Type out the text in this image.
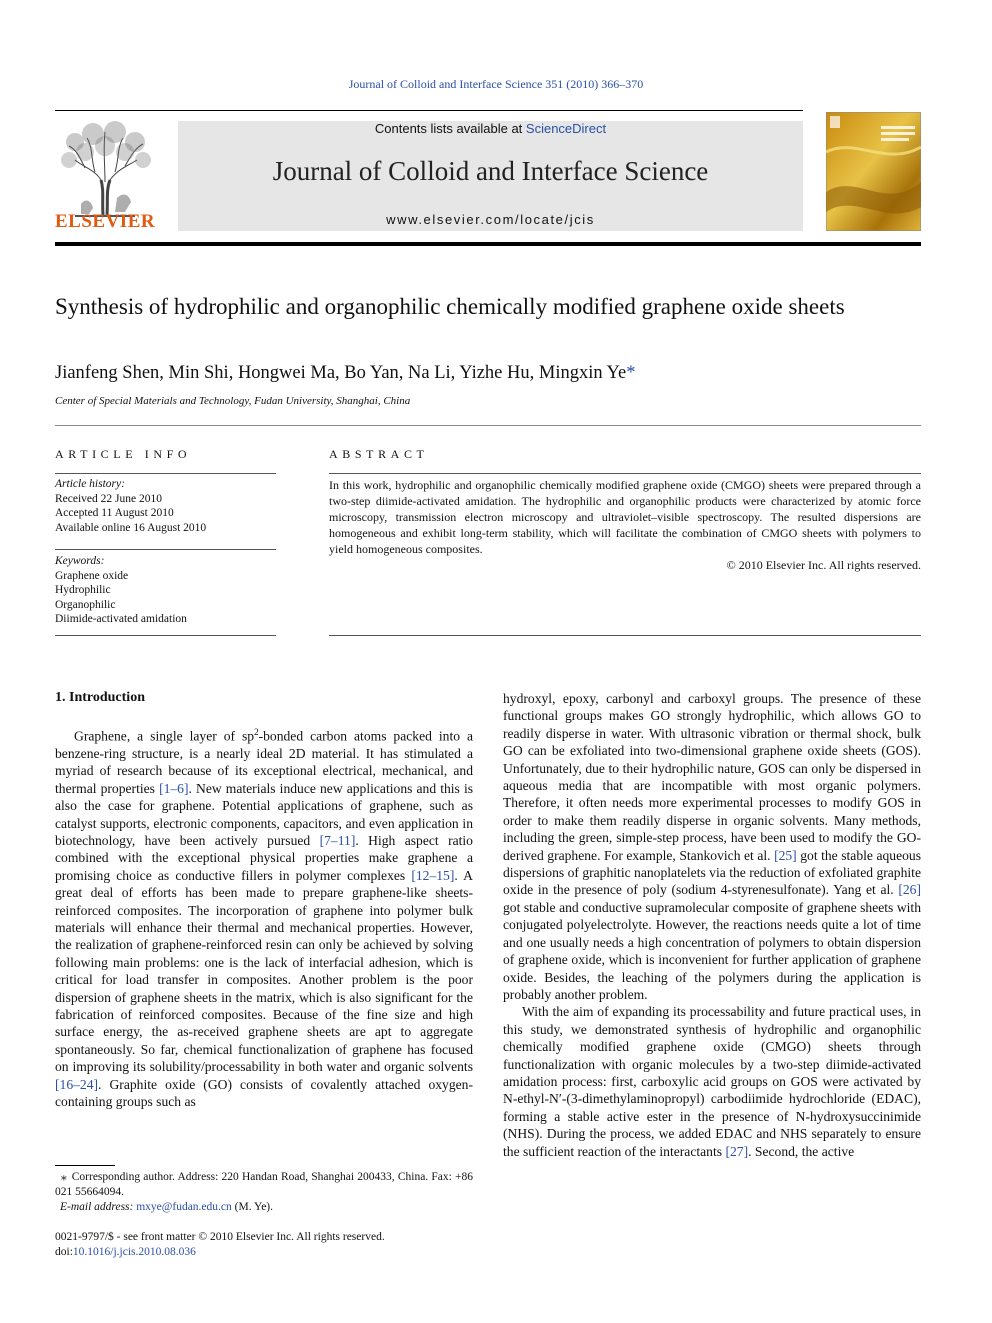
Journal of Colloid and Interface Science 351 (2010) 366–370
Contents lists available at ScienceDirect
Journal of Colloid and Interface Science
www.elsevier.com/locate/jcis
ELSEVIER
Synthesis of hydrophilic and organophilic chemically modified graphene oxide sheets
Jianfeng Shen, Min Shi, Hongwei Ma, Bo Yan, Na Li, Yizhe Hu, Mingxin Ye*
Center of Special Materials and Technology, Fudan University, Shanghai, China
ARTICLE INFO
Article history:
Received 22 June 2010
Accepted 11 August 2010
Available online 16 August 2010
Keywords:
Graphene oxide
Hydrophilic
Organophilic
Diimide-activated amidation
ABSTRACT
In this work, hydrophilic and organophilic chemically modified graphene oxide (CMGO) sheets were prepared through a two-step diimide-activated amidation. The hydrophilic and organophilic products were characterized by atomic force microscopy, transmission electron microscopy and ultraviolet–visible spectroscopy. The resulted dispersions are homogeneous and exhibit long-term stability, which will facilitate the combination of CMGO sheets with polymers to yield homogeneous composites.
© 2010 Elsevier Inc. All rights reserved.
1. Introduction

Graphene, a single layer of $sp^2$-bonded carbon atoms packed into a benzene-ring structure, is a nearly ideal 2D material. It has stimulated a myriad of research because of its exceptional electrical, mechanical, and thermal properties [1–6]. New materials induce new applications and this is also the case for graphene. Potential applications of graphene, such as catalyst supports, electronic components, capacitors, and even application in biotechnology, have been actively pursued [7–11]. High aspect ratio combined with the exceptional physical properties make graphene a promising choice as conductive fillers in polymer complexes [12–15]. A great deal of efforts has been made to prepare graphene-like sheets-reinforced composites. The incorporation of graphene into polymer bulk materials will enhance their thermal and mechanical properties. However, the realization of graphene-reinforced resin can only be achieved by solving following main problems: one is the lack of interfacial adhesion, which is critical for load transfer in composites. Another problem is the poor dispersion of graphene sheets in the matrix, which is also significant for the fabrication of reinforced composites. Because of the fine size and high surface energy, the as-received graphene sheets are apt to aggregate spontaneously. So far, chemical functionalization of graphene has focused on improving its solubility/processability in both water and organic solvents [16–24]. Graphite oxide (GO) consists of covalently attached oxygen-containing groups such as

hydroxyl, epoxy, carbonyl and carboxyl groups. The presence of these functional groups makes GO strongly hydrophilic, which allows GO to readily disperse in water. With ultrasonic vibration or thermal shock, bulk GO can be exfoliated into two-dimensional graphene oxide sheets (GOS). Unfortunately, due to their hydrophilic nature, GOS can only be dispersed in aqueous media that are incompatible with most organic polymers. Therefore, it often needs more experimental processes to modify GOS in order to make them readily disperse in organic solvents. Many methods, including the green, simple-step process, have been used to modify the GO-derived graphene. For example, Stankovich et al. [25] got the stable aqueous dispersions of graphitic nanoplatelets via the reduction of exfoliated graphite oxide in the presence of poly (sodium 4-styrenesulfonate). Yang et al. [26] got stable and conductive supramolecular composite of graphene sheets with conjugated polyelectrolyte. However, the reactions needs quite a lot of time and one usually needs a high concentration of polymers to obtain dispersion of graphene oxide, which is inconvenient for further application of graphene oxide. Besides, the leaching of the polymers during the application is probably another problem.

With the aim of expanding its processability and future practical uses, in this study, we demonstrated synthesis of hydrophilic and organophilic chemically modified graphene oxide (CMGO) sheets through functionalization with organic molecules by a two-step diimide-activated amidation process: first, carboxylic acid groups on GOS were activated by N-ethyl-N′-(3-dimethylaminopropyl) carbodiimide hydrochloride (EDAC), forming a stable active ester in the presence of N-hydroxysuccinimide (NHS). During the process, we added EDAC and NHS separately to ensure the sufficient reaction of the interactants [27]. Second, the active

⁎ Corresponding author. Address: 220 Handan Road, Shanghai 200433, China. Fax: +86 021 55664094.

E-mail address: mxye@fudan.edu.cn (M. Ye).

0021-9797/$ - see front matter © 2010 Elsevier Inc. All rights reserved.
doi:10.1016/j.jcis.2010.08.036
